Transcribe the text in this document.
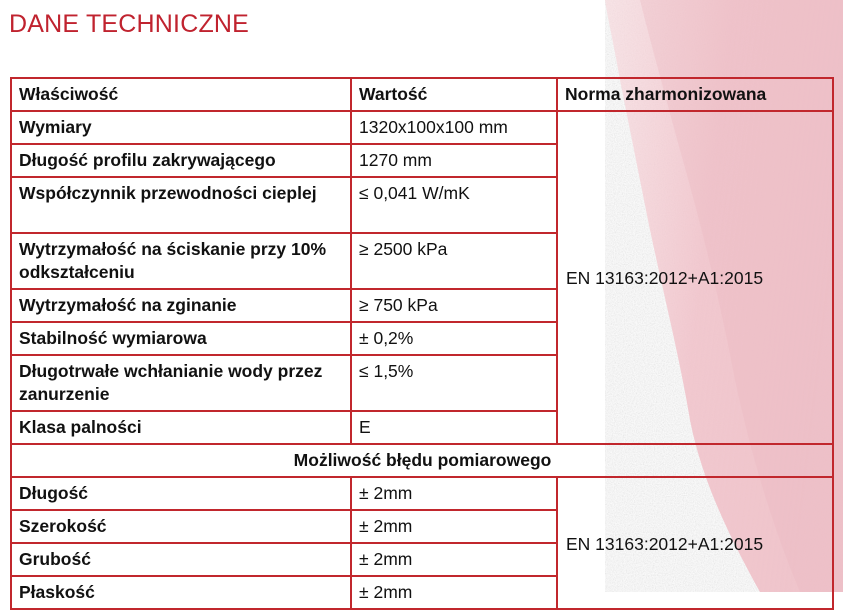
DANE TECHNICZNE
Właściwość	Wartość	Norma zharmonizowana
Wymiary	1320x100x100 mm	EN 13163:2012+A1:2015
Długość profilu zakrywającego	1270 mm	
Współczynnik przewodności cieplej	≤ 0,041 W/mK	
Wytrzymałość na ściskanie przy 10% odkształceniu	≥ 2500 kPa	
Wytrzymałość na zginanie	≥ 750 kPa	
Stabilność wymiarowa	± 0,2%	
Długotrwałe wchłanianie wody przez zanurzenie	≤ 1,5%	
Klasa palności	E	
Możliwość błędu pomiarowego		
Długość	± 2mm	EN 13163:2012+A1:2015
Szerokość	± 2mm	
Grubość	± 2mm	
Płaskość	± 2mm	
